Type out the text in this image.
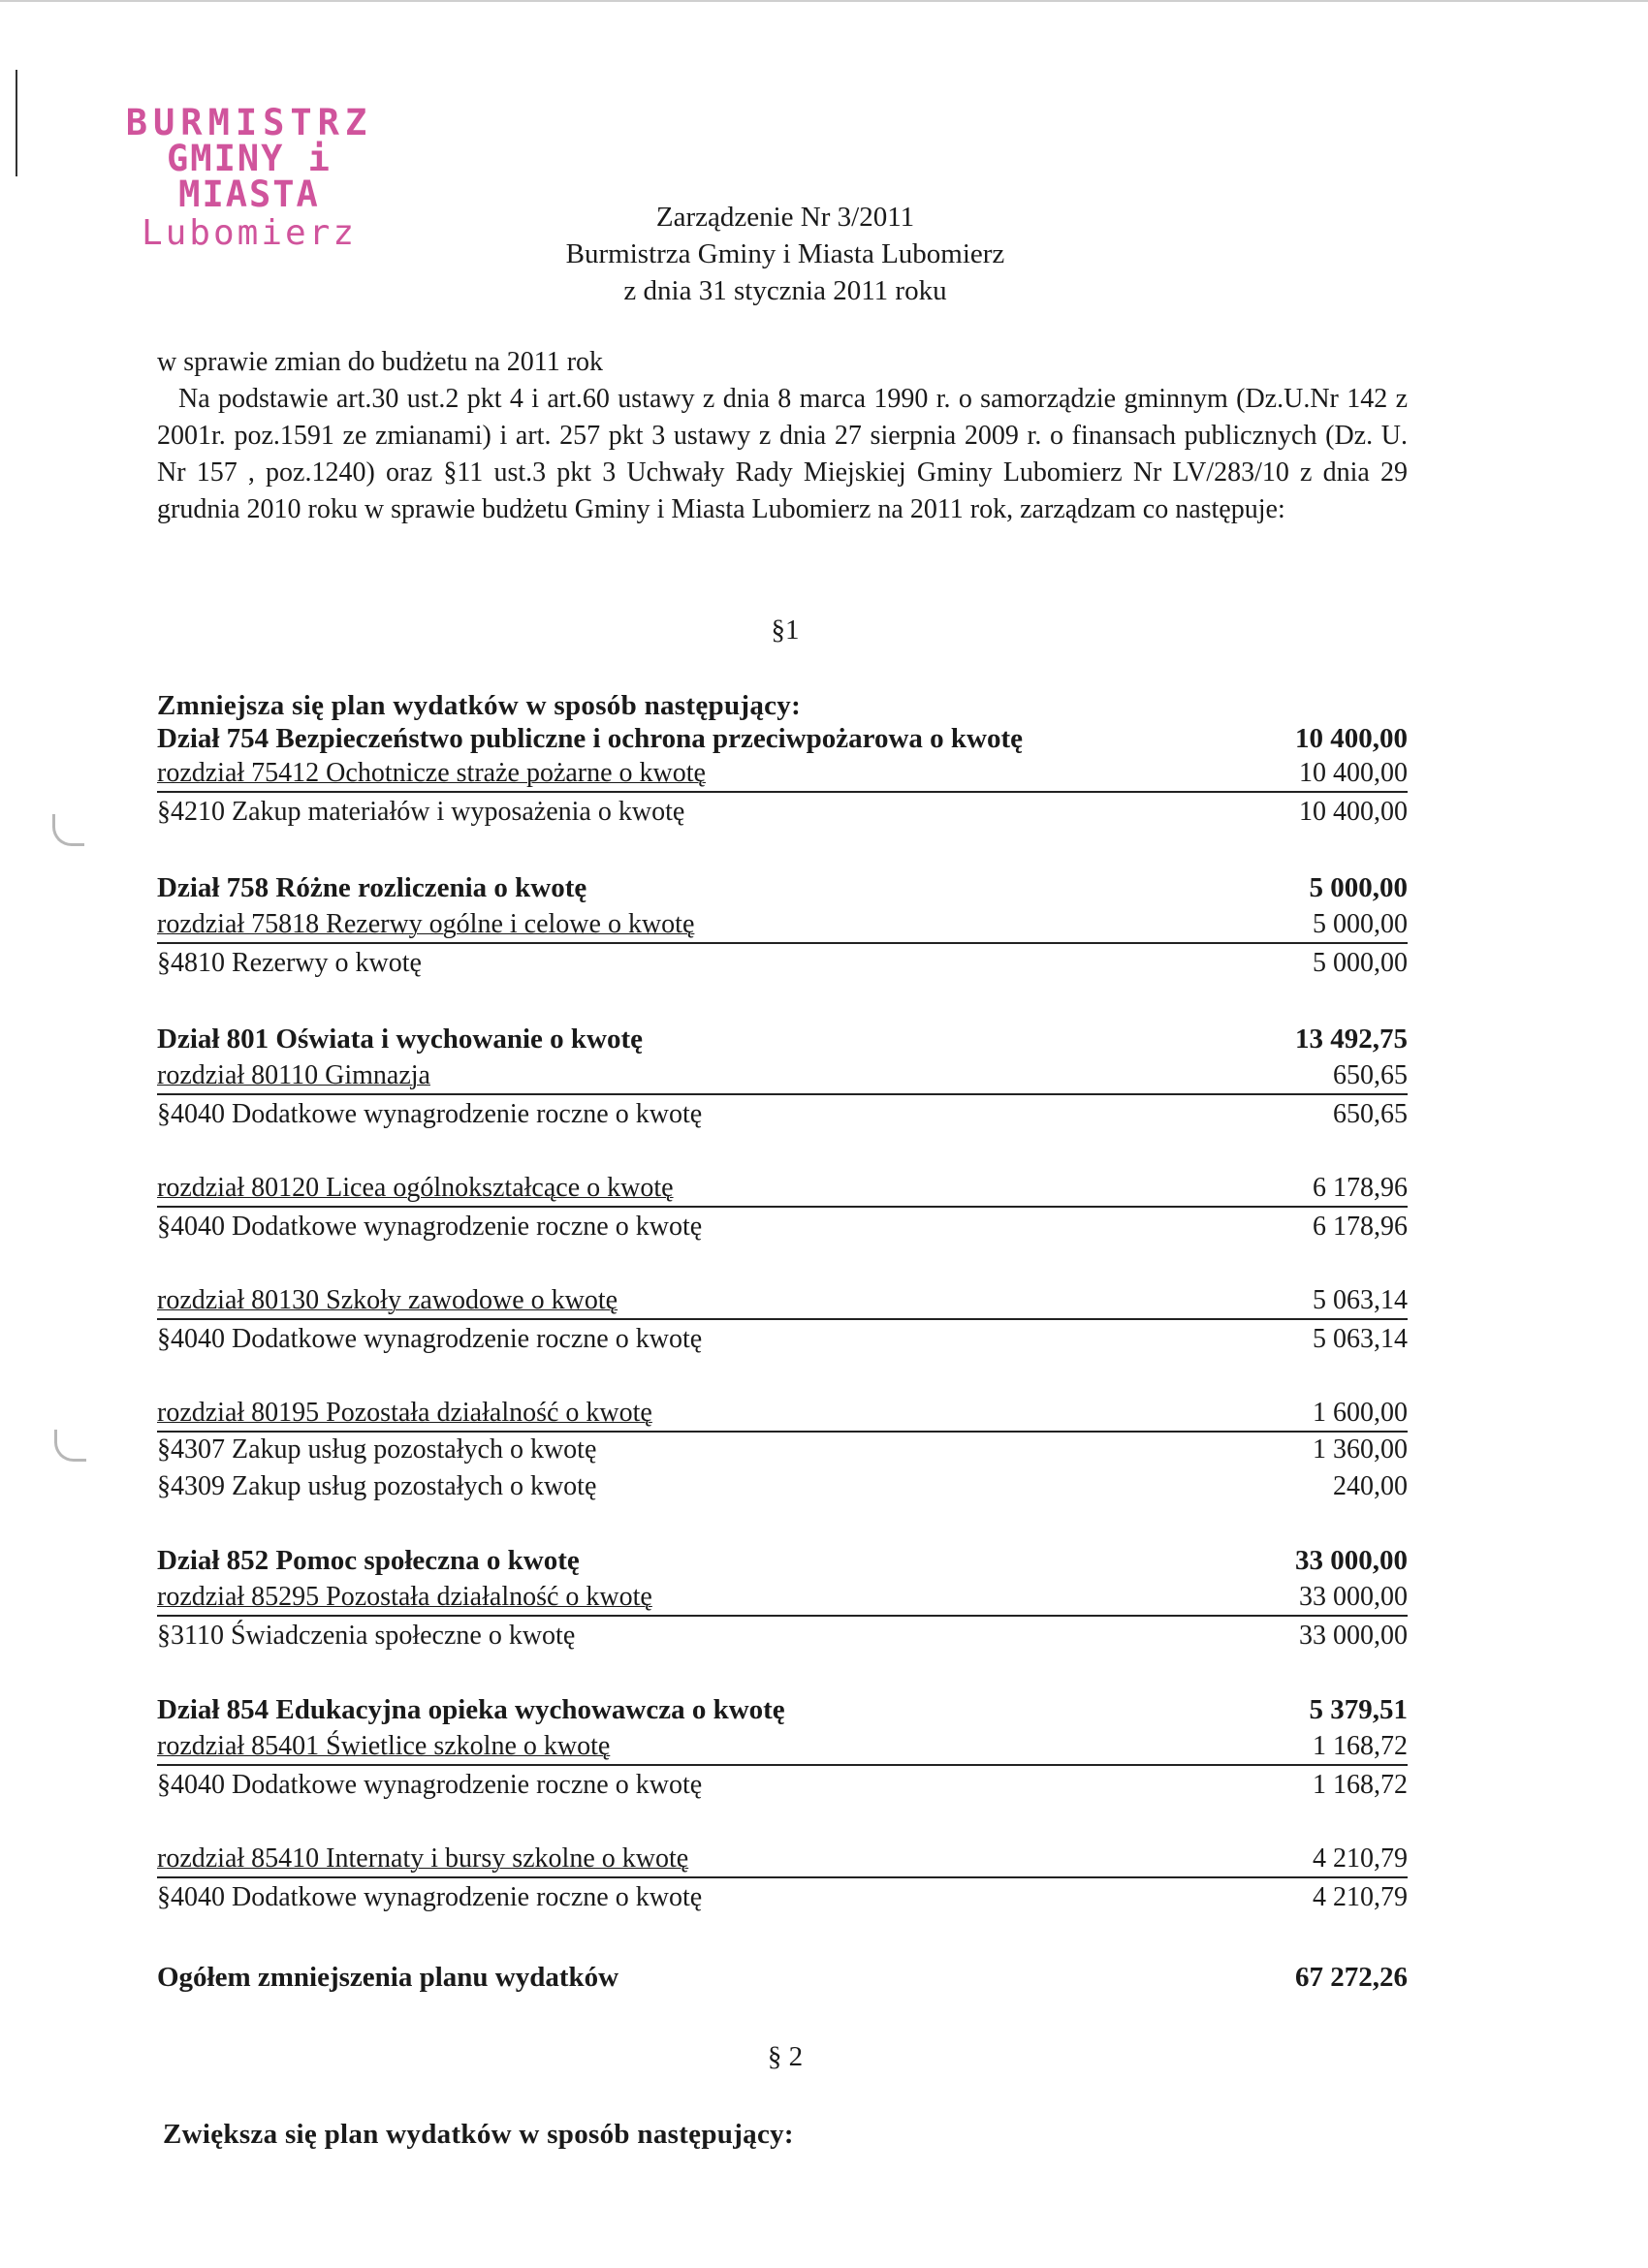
BURMISTRZ
GMINY i MIASTA
Lubomierz	Zarządzenie Nr 3/2011
Burmistrza Gminy i Miasta Lubomierz
z dnia 31 stycznia 2011 roku
w sprawie zmian do budżetu na 2011 rok
Na podstawie art.30 ust.2 pkt 4 i art.60 ustawy z dnia 8 marca 1990 r. o samorządzie gminnym (Dz.U.Nr 142 z 2001r. poz.1591 ze zmianami) i art. 257 pkt 3 ustawy z dnia 27 sierpnia 2009 r. o finansach publicznych (Dz. U. Nr 157 , poz.1240) oraz §11 ust.3 pkt 3 Uchwały Rady Miejskiej Gminy Lubomierz Nr LV/283/10 z dnia 29 grudnia 2010 roku w sprawie budżetu Gminy i Miasta Lubomierz na 2011 rok, zarządzam co następuje:
§1
Zmniejsza się plan wydatków w sposób następujący:
Dział 754 Bezpieczeństwo publiczne i ochrona przeciwpożarowa o kwotę	10 400,00
rozdział 75412 Ochotnicze straże pożarne o kwotę	10 400,00
§4210 Zakup materiałów i wyposażenia o kwotę	10 400,00
Dział 758 Różne rozliczenia o kwotę	5 000,00
rozdział 75818 Rezerwy ogólne i celowe o kwotę	5 000,00
§4810 Rezerwy o kwotę	5 000,00
Dział 801 Oświata i wychowanie o kwotę	13 492,75
rozdział 80110 Gimnazja	650,65
§4040 Dodatkowe wynagrodzenie roczne o kwotę	650,65
rozdział 80120 Licea ogólnokształcące o kwotę	6 178,96
§4040 Dodatkowe wynagrodzenie roczne o kwotę	6 178,96
rozdział 80130 Szkoły zawodowe o kwotę	5 063,14
§4040 Dodatkowe wynagrodzenie roczne o kwotę	5 063,14
rozdział 80195 Pozostała działalność o kwotę	1 600,00
§4307 Zakup usług pozostałych o kwotę	1 360,00
§4309 Zakup usług pozostałych o kwotę	240,00
Dział 852 Pomoc społeczna o kwotę	33 000,00
rozdział 85295 Pozostała działalność o kwotę	33 000,00
§3110 Świadczenia społeczne o kwotę	33 000,00
Dział 854 Edukacyjna opieka wychowawcza o kwotę	5 379,51
rozdział 85401 Świetlice szkolne o kwotę	1 168,72
§4040 Dodatkowe wynagrodzenie roczne o kwotę	1 168,72
rozdział 85410 Internaty i bursy szkolne o kwotę	4 210,79
§4040 Dodatkowe wynagrodzenie roczne o kwotę	4 210,79
Ogółem zmniejszenia planu wydatków	67 272,26
§ 2
Zwiększa się plan wydatków w sposób następujący:
